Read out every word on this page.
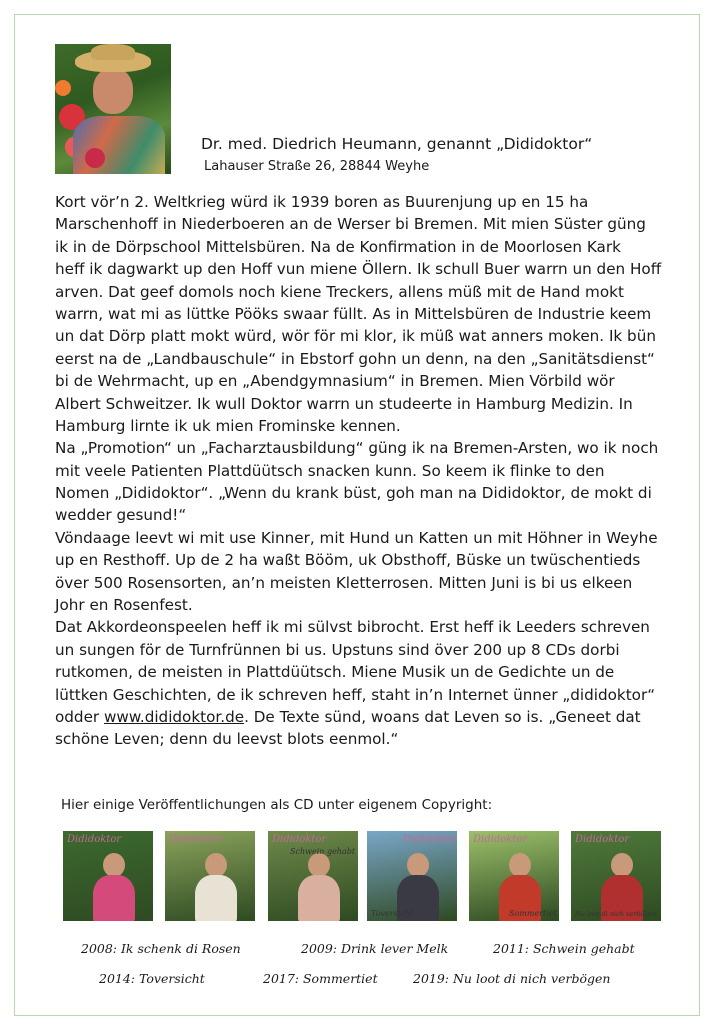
Dr. med. Diedrich Heumann, genannt „Dididoktor“
Lahauser Straße 26, 28844 Weyhe
Kort vör’n 2. Weltkrieg würd ik 1939 boren as Buurenjung up en 15 ha
Marschenhoff in Niederboeren an de Werser bi Bremen. Mit mien Süster güng
ik in de Dörpschool Mittelsbüren. Na de Konfirmation in de Moorlosen Kark
heff ik dagwarkt up den Hoff vun miene Öllern. Ik schull Buer warrn un den Hoff
arven. Dat geef domols noch kiene Treckers, allens müß mit de Hand mokt
warrn, wat mi as lüttke Pööks swaar füllt. As in Mittelsbüren de Industrie keem
un dat Dörp platt mokt würd, wör för mi klor, ik müß wat anners moken. Ik bün
eerst na de „Landbauschule“ in Ebstorf gohn un denn, na den „Sanitätsdienst“
bi de Wehrmacht, up en „Abendgymnasium“ in Bremen. Mien Vörbild wör
Albert Schweitzer. Ik wull Doktor warrn un studeerte in Hamburg Medizin. In
Hamburg lirnte ik uk mien Frominske kennen.
Na „Promotion“ un „Facharztausbildung“ güng ik na Bremen-Arsten, wo ik noch
mit veele Patienten Plattdüütsch snacken kunn. So keem ik flinke to den
Nomen „Dididoktor“. „Wenn du krank büst, goh man na Dididoktor, de mokt di
wedder gesund!“
Vöndaage leevt wi mit use Kinner, mit Hund un Katten un mit Höhner in Weyhe
up en Resthoff. Up de 2 ha waßt Bööm, uk Obsthoff, Büske un twüschentieds
över 500 Rosensorten, an’n meisten Kletterrosen. Mitten Juni is bi us elkeen
Johr en Rosenfest.
Dat Akkordeonspeelen heff ik mi sülvst bibrocht. Erst heff ik Leeders schreven
un sungen för de Turnfrünnen bi us. Upstuns sind över 200 up 8 CDs dorbi
rutkomen, de meisten in Plattdüütsch. Miene Musik un de Gedichte un de
lüttken Geschichten, de ik schreven heff, staht in’n Internet ünner „dididoktor“
odder www.dididoktor.de. De Texte sünd, woans dat Leven so is. „Geneet dat
schöne Leven; denn du leevst blots eenmol.“
Hier einige Veröffentlichungen als CD unter eigenem Copyright:
Dididoktor	Dididoktor	Dididoktor
Schwein gehabt
Dididoktor
Toversicht
Dididoktor
Sommertiet
Dididoktor
Nu loot di nich verbögen
2008: Ik schenk di Rosen	2009: Drink lever Melk	2011: Schwein gehabt
2014: Toversicht	2017: Sommertiet	2019: Nu loot di nich verbögen
